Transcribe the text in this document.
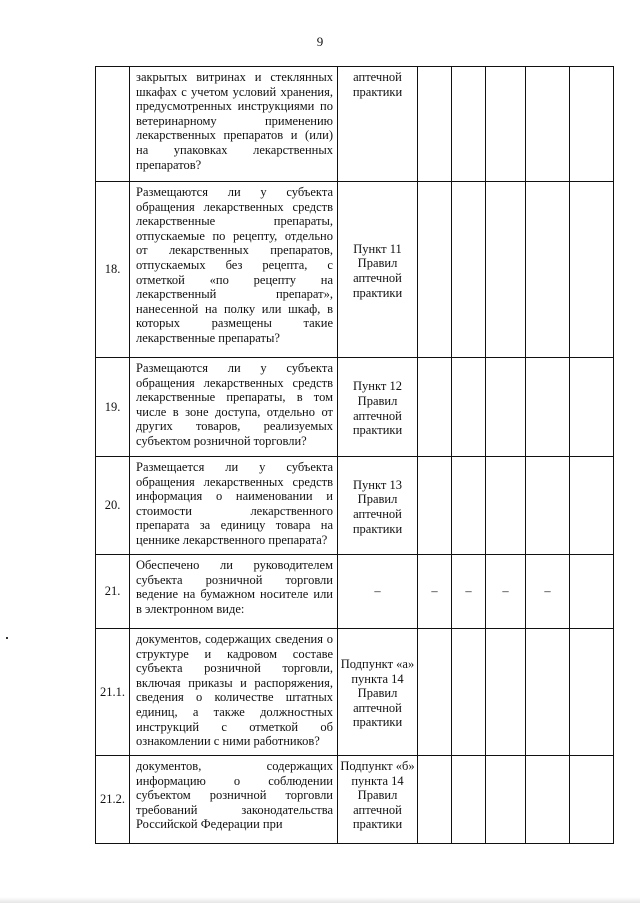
9

	закрытых витринах и стеклянных шкафах с учетом условий хранения, предусмотренных инструкциями по ветеринарному применению лекарственных препаратов и (или) на упаковках лекарственных препаратов?	аптечной практики					

18.	Размещаются ли у субъекта обращения лекарственных средств лекарственные препараты, отпускаемые по рецепту, отдельно от лекарственных препаратов, отпускаемых без рецепта, с отметкой «по рецепту на лекарственный препарат», нанесенной на полку или шкаф, в которых размещены такие лекарственные препараты?	Пункт 11 Правил аптечной практики					

19.	Размещаются ли у субъекта обращения лекарственных средств лекарственные препараты, в том числе в зоне доступа, отдельно от других товаров, реализуемых субъектом розничной торговли?	Пункт 12 Правил аптечной практики					

20.	Размещается ли у субъекта обращения лекарственных средств информация о наименовании и стоимости лекарственного препарата за единицу товара на ценнике лекарственного препарата?	Пункт 13 Правил аптечной практики					

21.	Обеспечено ли руководителем субъекта розничной торговли ведение на бумажном носителе или в электронном виде:	–	–	–	–	–	
21.1.	документов, содержащих сведения о структуре и кадровом составе субъекта розничной торговли, включая приказы и распоряжения, сведения о количестве штатных единиц, а также должностных инструкций с отметкой об ознакомлении с ними работников?	Подпункт «а» пункта 14 Правил аптечной практики					

21.2.	документов, содержащих информацию о соблюдении субъектом розничной торговли требований законодательства Российской Федерации при	Подпункт «б» пункта 14 Правил аптечной практики					
